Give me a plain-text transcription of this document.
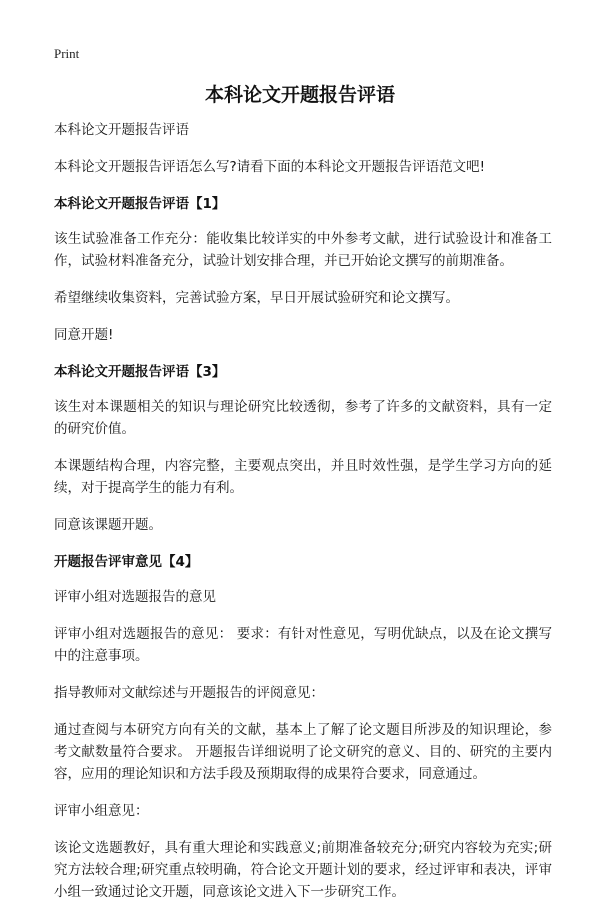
Print
本科论文开题报告评语

本科论文开题报告评语

本科论文开题报告评语怎么写?请看下面的本科论文开题报告评语范文吧!

本科论文开题报告评语【1】

该生试验准备工作充分：能收集比较详实的中外参考文献，进行试验设计和准备工作，试验材料准备充分，试验计划安排合理，并已开始论文撰写的前期准备。

希望继续收集资料，完善试验方案，早日开展试验研究和论文撰写。

同意开题!

本科论文开题报告评语【3】

该生对本课题相关的知识与理论研究比较透彻，参考了许多的文献资料，具有一定的研究价值。

本课题结构合理，内容完整，主要观点突出，并且时效性强，是学生学习方向的延续，对于提高学生的能力有利。

同意该课题开题。

开题报告评审意见【4】

评审小组对选题报告的意见

评审小组对选题报告的意见： 要求：有针对性意见，写明优缺点，以及在论文撰写中的注意事项。

指导教师对文献综述与开题报告的评阅意见：

通过查阅与本研究方向有关的文献，基本上了解了论文题目所涉及的知识理论，参考文献数量符合要求。 开题报告详细说明了论文研究的意义、目的、研究的主要内容，应用的理论知识和方法手段及预期取得的成果符合要求，同意通过。

评审小组意见：

该论文选题教好，具有重大理论和实践意义;前期准备较充分;研究内容较为充实;研究方法较合理;研究重点较明确，符合论文开题计划的要求，经过评审和表决，评审小组一致通过论文开题，同意该论文进入下一步研究工作。
